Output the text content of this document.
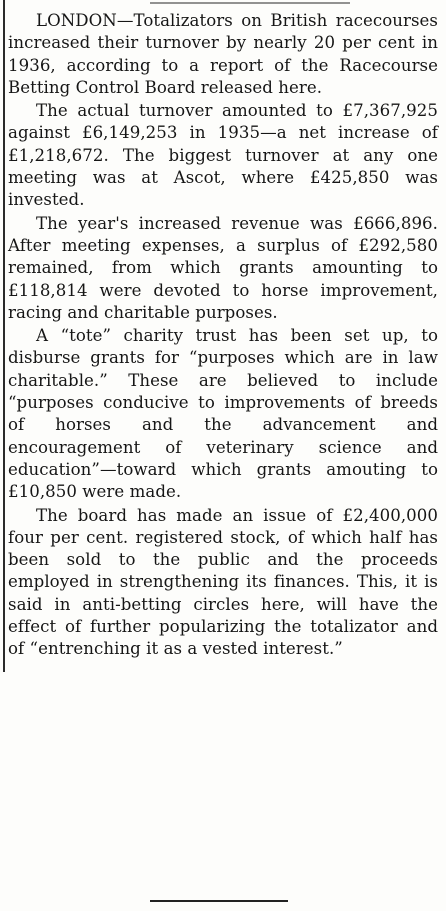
LONDON—Totalizators on British racecourses increased their turnover by nearly 20 per cent in 1936, according to a report of the Racecourse Betting Control Board released here.

The actual turnover amounted to £7,367,925 against £6,149,253 in 1935—a net increase of £1,218,672. The biggest turnover at any one meeting was at Ascot, where £425,850 was invested.

The year's increased revenue was £666,896. After meeting expenses, a surplus of £292,580 remained, from which grants amounting to £118,814 were devoted to horse improvement, racing and charitable purposes.

A “tote” charity trust has been set up, to disburse grants for “purposes which are in law charitable.” These are believed to include “purposes conducive to improvements of breeds of horses and the advancement and encouragement of veterinary science and education”—toward which grants amouting to £10,850 were made.

The board has made an issue of £2,400,000 four per cent. registered stock, of which half has been sold to the public and the proceeds employed in strengthening its finances. This, it is said in anti-betting circles here, will have the effect of further popularizing the totalizator and of “entrenching it as a vested interest.”
